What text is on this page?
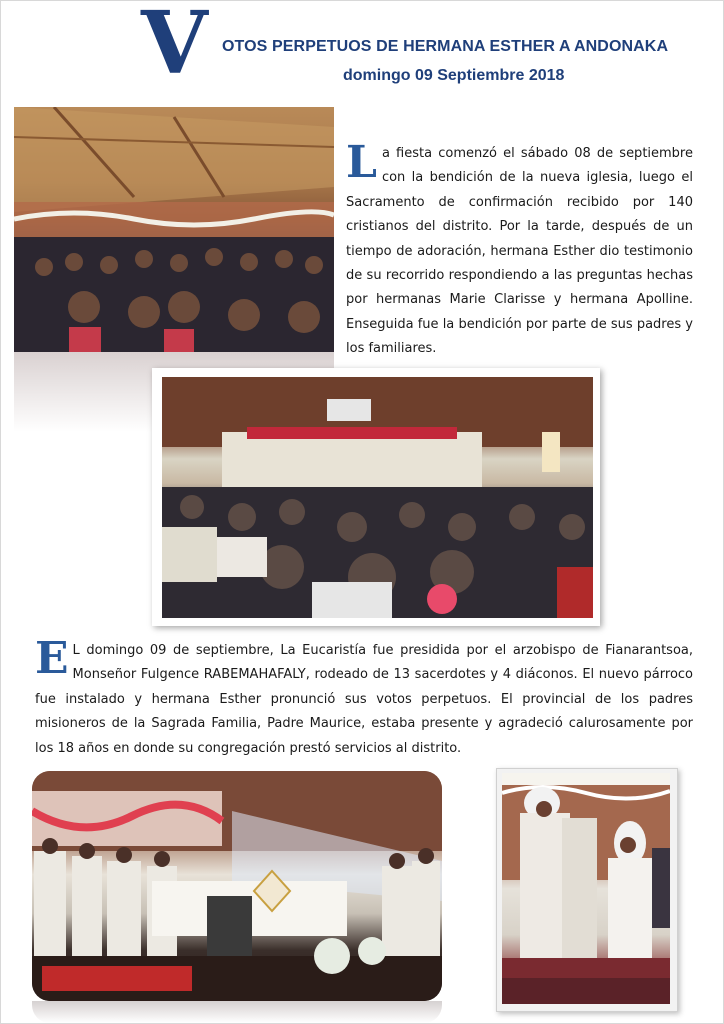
V OTOS PERPETUOS DE HERMANA ESTHER A ANDONAKA
domingo 09 Septiembre 2018
La fiesta comenzó el sábado 08 de septiembre con la bendición de la nueva iglesia, luego el Sacramento de confirmación recibido por 140 cristianos del distrito. Por la tarde, después de un tiempo de adoración, hermana Esther dio testimonio de su recorrido respondiendo a las preguntas hechas por hermanas Marie Clarisse y hermana Apolline. Enseguida fue la bendición por parte de sus padres y los familiares.
E L domingo 09 de septiembre, La Eucaristía fue presidida por el arzobispo de Fianarantsoa, Monseñor Fulgence RABEMAHAFALY, rodeado de 13 sacerdotes y 4 diáconos. El nuevo párroco fue instalado y hermana Esther pronunció sus votos perpetuos. El provincial de los padres misioneros de la Sagrada Familia, Padre Maurice, estaba presente y agradeció calurosamente por los 18 años en donde su congregación prestó servicios al distrito.
